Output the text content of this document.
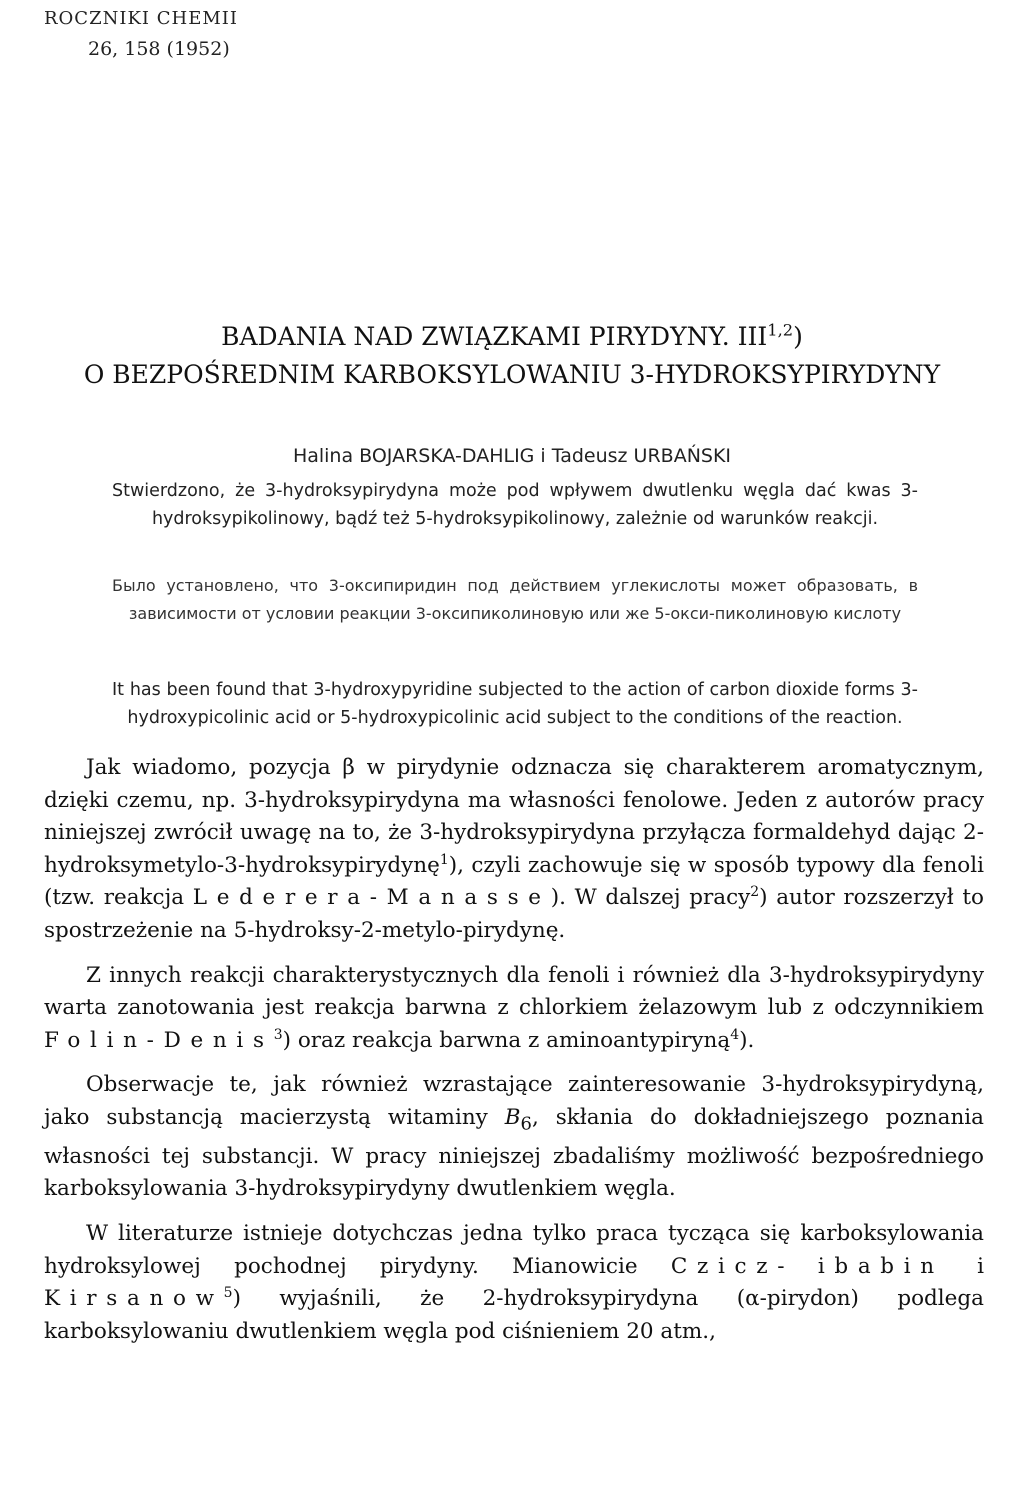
ROCZNIKI CHEMII
26, 158 (1952)
BADANIA NAD ZWIĄZKAMI PIRYDYNY. III$^{1,2}$)
O BEZPOŚREDNIM KARBOKSYLOWANIU 3-HYDROKSYPIRYDYNY
Halina BOJARSKA-DAHLIG i Tadeusz URBAŃSKI
Stwierdzono, że 3-hydroksypirydyna może pod wpływem dwutlenku węgla dać kwas 3-hydroksypikolinowy, bądź też 5-hydroksypikolinowy, zależnie od warunków reakcji.
Было установлено, что 3-оксипиридин под действием углекислоты может образовать, в зависимости от условии реакции 3-оксипиколиновую или же 5-окси-пиколиновую кислоту
It has been found that 3-hydroxypyridine subjected to the action of carbon dioxide forms 3-hydroxypicolinic acid or 5-hydroxypicolinic acid subject to the conditions of the reaction.

Jak wiadomo, pozycja β w pirydynie odznacza się charakterem aromatycznym, dzięki czemu, np. 3-hydroksypirydyna ma własności fenolowe. Jeden z autorów pracy niniejszej zwrócił uwagę na to, że 3-hydroksypirydyna przyłącza formaldehyd dając 2-hydroksymetylo-3-hydroksypirydynę$^1$), czyli zachowuje się w sposób typowy dla fenoli (tzw. reakcja Lederera-Manasse). W dalszej pracy$^2$) autor rozszerzył to spostrzeżenie na 5-hydroksy-2-metylo-pirydynę.

Z innych reakcji charakterystycznych dla fenoli i również dla 3-hydroksypirydyny warta zanotowania jest reakcja barwna z chlorkiem żelazowym lub z odczynnikiem Folin-Denis$^3$) oraz reakcja barwna z aminoantypiryną$^4$).

Obserwacje te, jak również wzrastające zainteresowanie 3-hydroksypirydyną, jako substancją macierzystą witaminy $B_6$, skłania do dokładniejszego poznania własności tej substancji. W pracy niniejszej zbadaliśmy możliwość bezpośredniego karboksylowania 3-hydroksypirydyny dwutlenkiem węgla.

W literaturze istnieje dotychczas jedna tylko praca tycząca się karboksylowania hydroksylowej pochodnej pirydyny. Mianowicie Czicz- ibabin i Kirsanow$^5$) wyjaśnili, że 2-hydroksypirydyna (α-pirydon) podlega karboksylowaniu dwutlenkiem węgla pod ciśnieniem 20 atm.,
